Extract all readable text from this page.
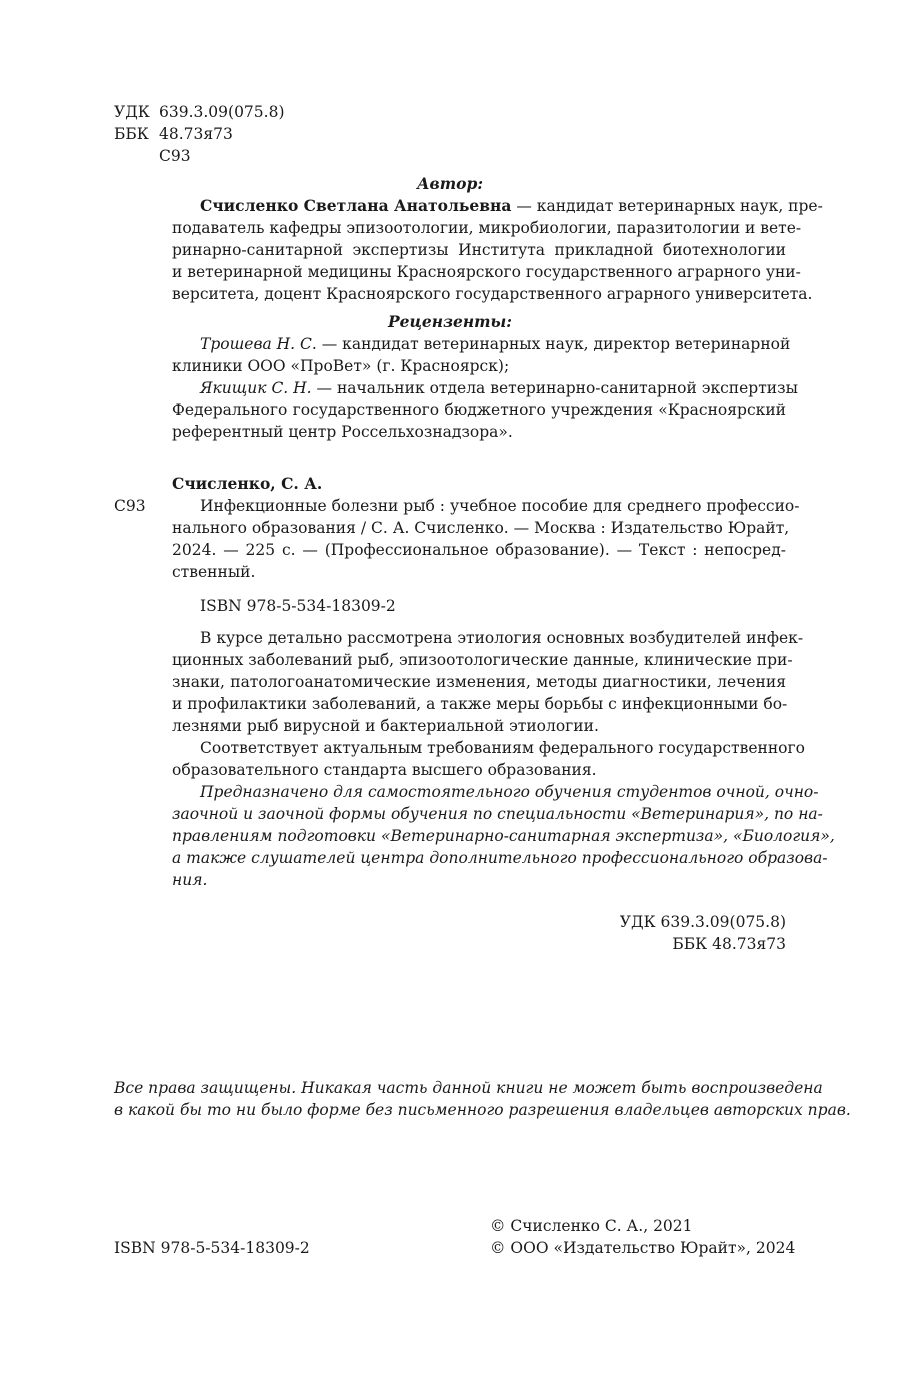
УДК 639.3.09(075.8)
ББК 48.73я73
С93
Автор:
Счисленко Светлана Анатольевна — кандидат ветеринарных наук, пре-
подаватель кафедры эпизоотологии, микробиологии, паразитологии и вете-
ринарно-санитарной экспертизы Института прикладной биотехнологии
и ветеринарной медицины Красноярского государственного аграрного уни-
верситета, доцент Красноярского государственного аграрного университета.
Рецензенты:
Трошева Н. С. — кандидат ветеринарных наук, директор ветеринарной
клиники ООО «ПроВет» (г. Красноярск);
Якищик С. Н. — начальник отдела ветеринарно-санитарной экспертизы
Федерального государственного бюджетного учреждения «Красноярский
референтный центр Россельхознадзора».
Счисленко, С. А.
С93	Инфекционные болезни рыб : учебное пособие для среднего профессио-
нального образования / С. А. Счисленко. — Москва : Издательство Юрайт,
2024. — 225 с. — (Профессиональное образование). — Текст : непосред-
ственный.
ISBN 978-5-534-18309-2
В курсе детально рассмотрена этиология основных возбудителей инфек-
ционных заболеваний рыб, эпизоотологические данные, клинические при-
знаки, патологоанатомические изменения, методы диагностики, лечения
и профилактики заболеваний, а также меры борьбы с инфекционными бо-
лезнями рыб вирусной и бактериальной этиологии.
Соответствует актуальным требованиям федерального государственного
образовательного стандарта высшего образования.
Предназначено для самостоятельного обучения студентов очной, очно-
заочной и заочной формы обучения по специальности «Ветеринария», по на-
правлениям подготовки «Ветеринарно-санитарная экспертиза», «Биология»,
а также слушателей центра дополнительного профессионального образова-
ния.
УДК 639.3.09(075.8)
ББК 48.73я73
Все права защищены. Никакая часть данной книги не может быть воспроизведена
в какой бы то ни было форме без письменного разрешения владельцев авторских прав.
© Счисленко С. А., 2021
ISBN 978-5-534-18309-2	© ООО «Издательство Юрайт», 2024
